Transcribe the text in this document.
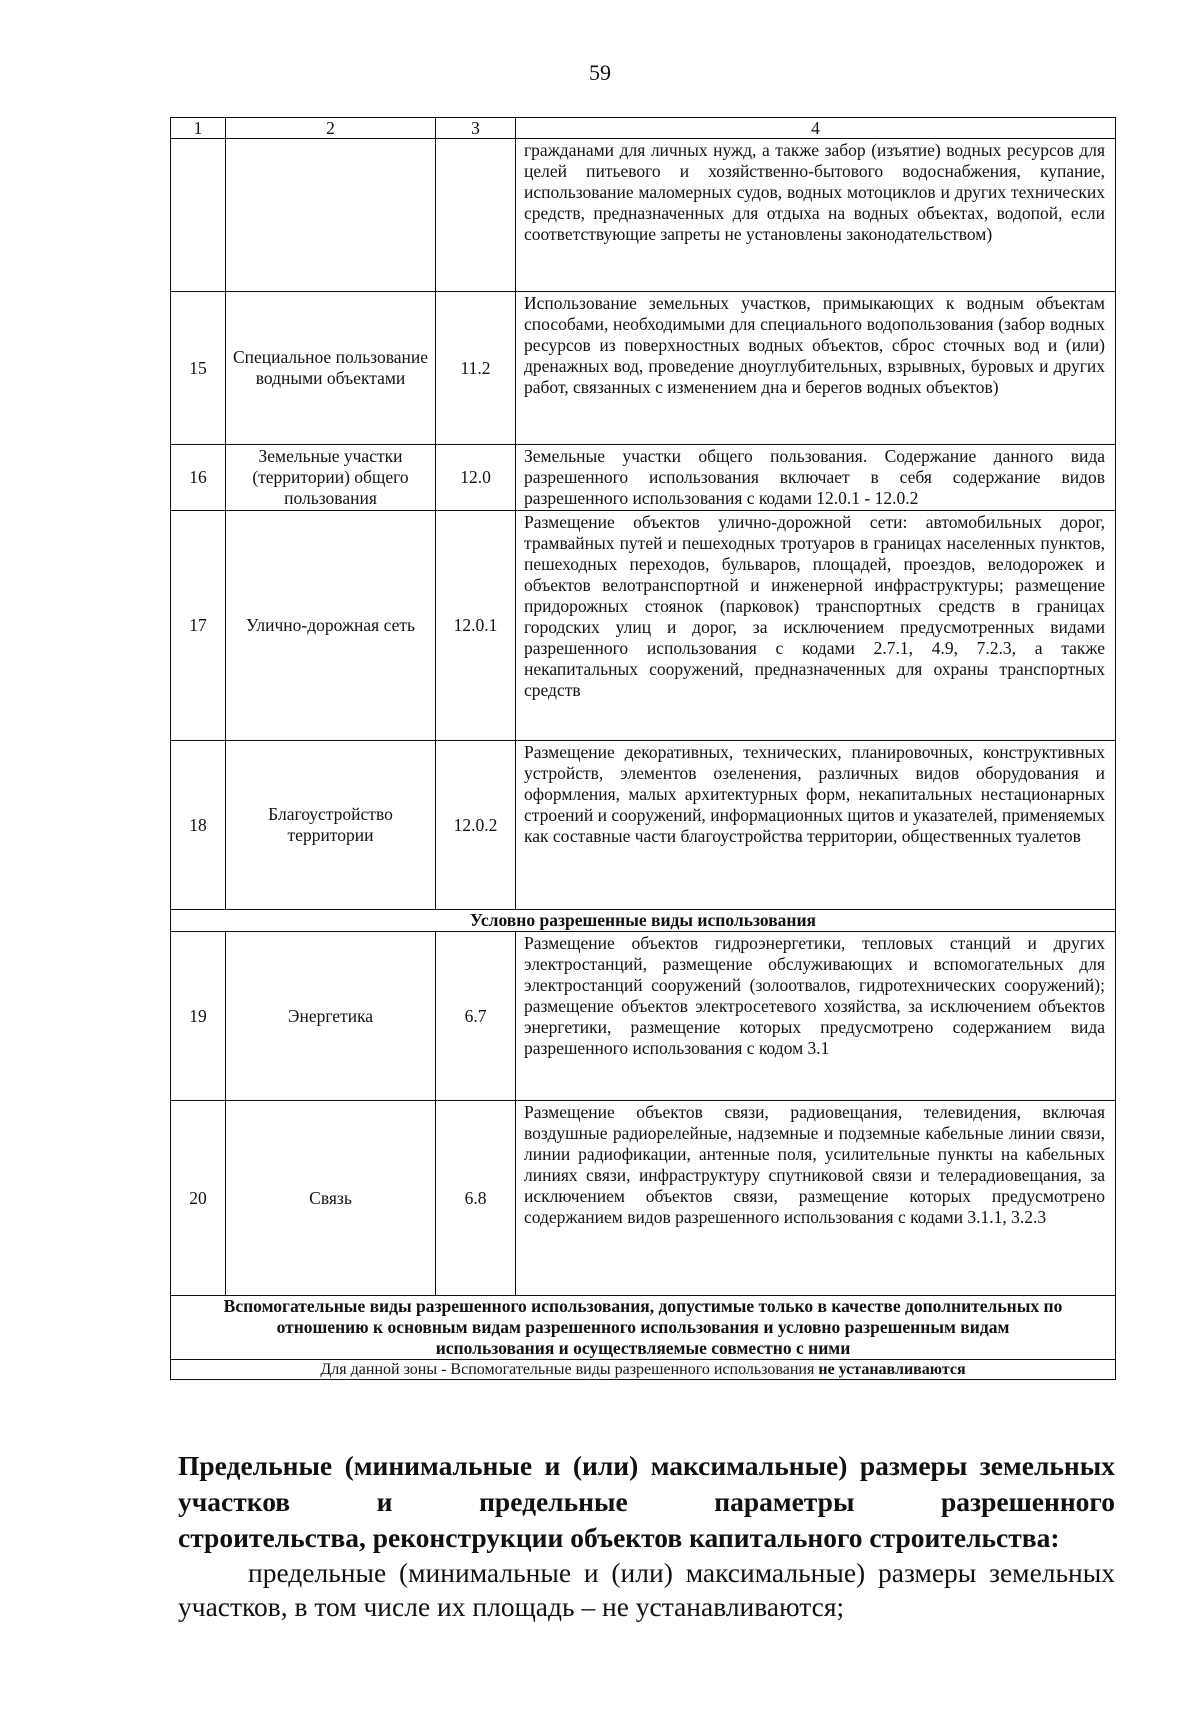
59
1	2	3	4
			гражданами для личных нужд, а также забор (изъятие) водных ресурсов для целей питьевого и хозяйственно-бытового водоснабжения, купание, использование маломерных судов, водных мотоциклов и других технических средств, предназначенных для отдыха на водных объектах, водопой, если соответствующие запреты не установлены законодательством)
15	Специальное пользование водными объектами	11.2	Использование земельных участков, примыкающих к водным объектам способами, необходимыми для специального водопользования (забор водных ресурсов из поверхностных водных объектов, сброс сточных вод и (или) дренажных вод, проведение дноуглубительных, взрывных, буровых и других работ, связанных с изменением дна и берегов водных объектов)
16	Земельные участки (территории) общего пользования	12.0	Земельные участки общего пользования. Содержание данного вида разрешенного использования включает в себя содержание видов разрешенного использования с кодами 12.0.1 - 12.0.2
17	Улично-дорожная сеть	12.0.1	Размещение объектов улично-дорожной сети: автомобильных дорог, трамвайных путей и пешеходных тротуаров в границах населенных пунктов, пешеходных переходов, бульваров, площадей, проездов, велодорожек и объектов велотранспортной и инженерной инфраструктуры; размещение придорожных стоянок (парковок) транспортных средств в границах городских улиц и дорог, за исключением предусмотренных видами разрешенного использования с кодами 2.7.1, 4.9, 7.2.3, а также некапитальных сооружений, предназначенных для охраны транспортных средств
18	Благоустройство территории	12.0.2	Размещение декоративных, технических, планировочных, конструктивных устройств, элементов озеленения, различных видов оборудования и оформления, малых архитектурных форм, некапитальных нестационарных строений и сооружений, информационных щитов и указателей, применяемых как составные части благоустройства территории, общественных туалетов
Условно разрешенные виды использования			
19	Энергетика	6.7	Размещение объектов гидроэнергетики, тепловых станций и других электростанций, размещение обслуживающих и вспомогательных для электростанций сооружений (золоотвалов, гидротехнических сооружений); размещение объектов электросетевого хозяйства, за исключением объектов энергетики, размещение которых предусмотрено содержанием вида разрешенного использования с кодом 3.1
20	Связь	6.8	Размещение объектов связи, радиовещания, телевидения, включая воздушные радиорелейные, надземные и подземные кабельные линии связи, линии радиофикации, антенные поля, усилительные пункты на кабельных линиях связи, инфраструктуру спутниковой связи и телерадиовещания, за исключением объектов связи, размещение которых предусмотрено содержанием видов разрешенного использования с кодами 3.1.1, 3.2.3
Вспомогательные виды разрешенного использования, допустимые только в качестве дополнительных по отношению к основным видам разрешенного использования и условно разрешенным видам использования и осуществляемые совместно с ними			
Для данной зоны - Вспомогательные виды разрешенного использования не устанавливаются			
Предельные (минимальные и (или) максимальные) размеры земельных участков и предельные параметры разрешенного
строительства, реконструкции объектов капитального строительства:
предельные (минимальные и (или) максимальные) размеры земельных участков, в том числе их площадь – не устанавливаются;
